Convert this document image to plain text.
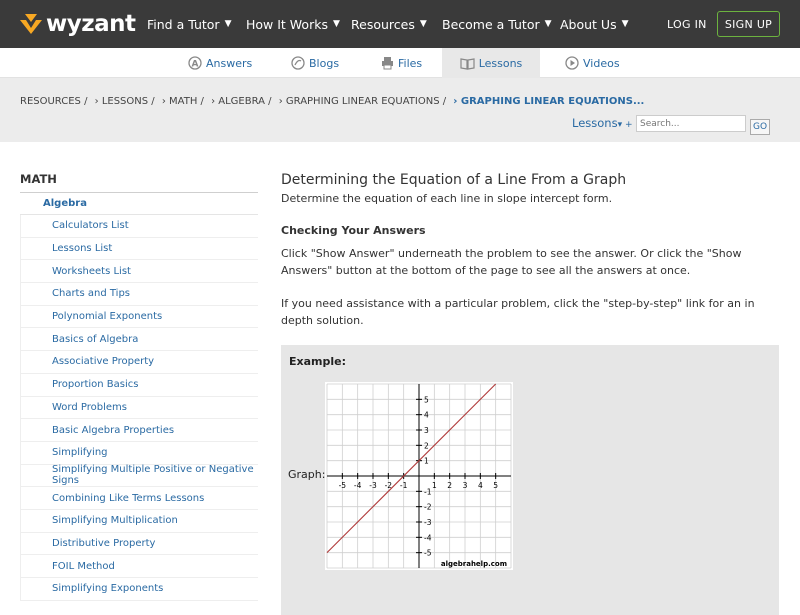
wyzant Find a Tutor ▼ How It Works ▼ Resources ▼ Become a Tutor ▼ About Us ▼	LOG IN	SIGN UP
A Answers	Blogs	Files	Lessons	Videos
RESOURCES / › LESSONS / › MATH / › ALGEBRA / › GRAPHING LINEAR EQUATIONS / › GRAPHING LINEAR EQUATIONS...
Lessons▾ +
Search...	GO
MATH
Algebra
Calculators List
Lessons List
Worksheets List
Charts and Tips
Polynomial Exponents
Basics of Algebra
Associative Property
Proportion Basics
Word Problems
Basic Algebra Properties
Simplifying
Simplifying Multiple Positive or Negative Signs
Combining Like Terms Lessons
Simplifying Multiplication
Distributive Property
FOIL Method
Simplifying Exponents
Determining the Equation of a Line From a Graph
Determine the equation of each line in slope intercept form.
Checking Your Answers
Click "Show Answer" underneath the problem to see the answer. Or click the "Show Answers" button at the bottom of the page to see all the answers at once.
If you need assistance with a particular problem, click the "step-by-step" link for an in depth solution.
Example:
Graph:
-5 -4 -3 -2 -1	1 2 3 4 5
5
4
3
2
1
-1
-2
-3
-4
-5
algebrahelp.com
